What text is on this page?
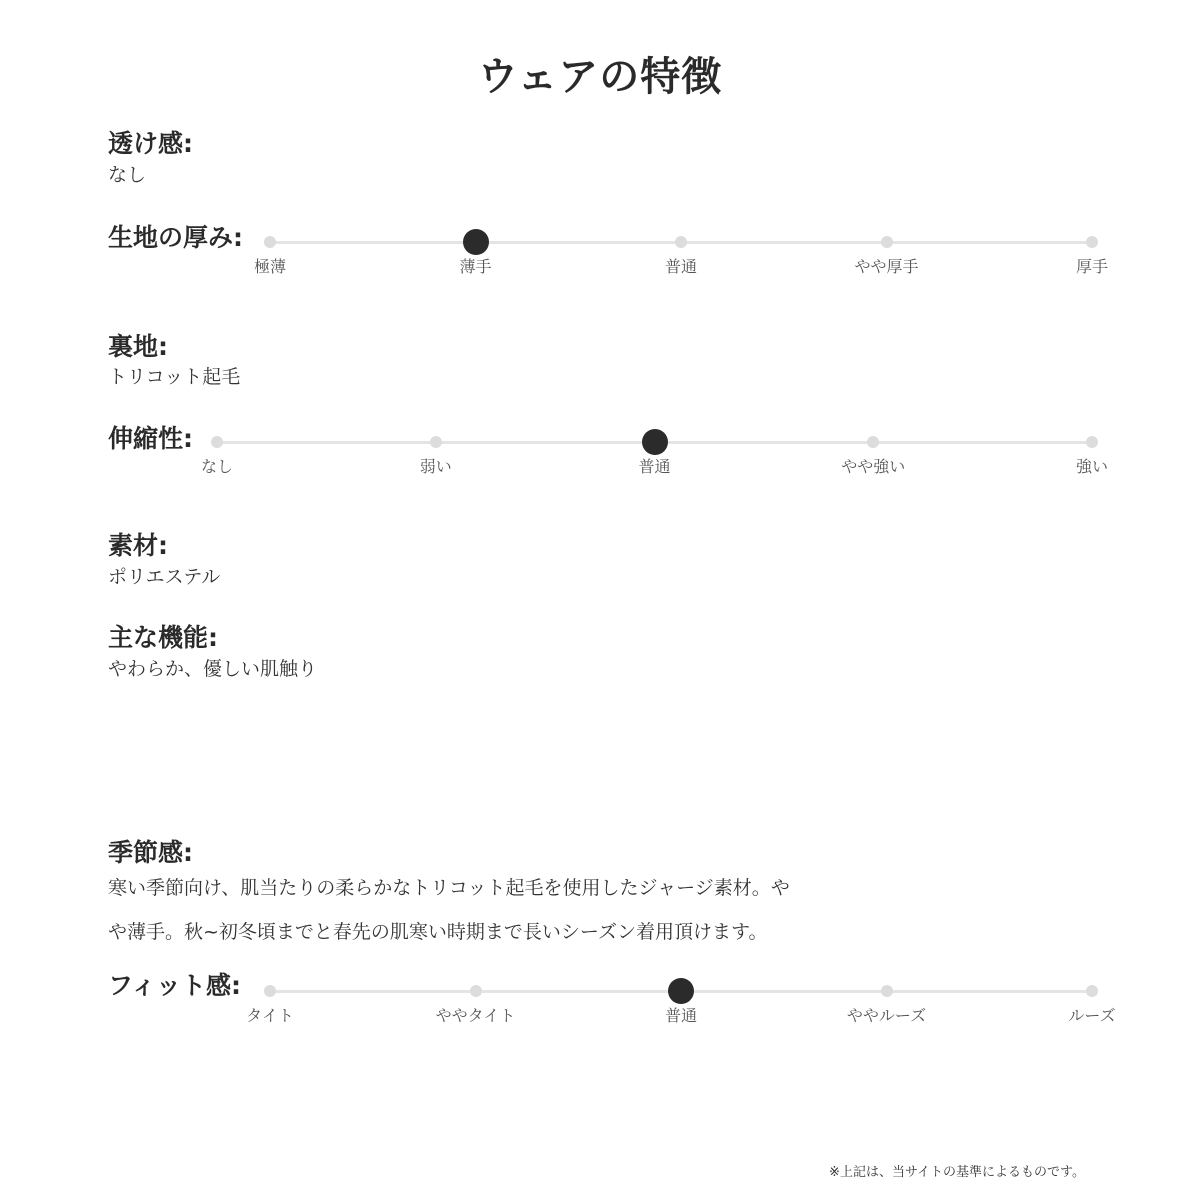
ウェアの特徴
透け感:
なし
生地の厚み:
極薄	薄手	普通	やや厚手	厚手
裏地:
トリコット起毛
伸縮性:
なし	弱い	普通	やや強い	強い
素材:
ポリエステル
主な機能:
やわらか、優しい肌触り
季節感:
寒い季節向け、肌当たりの柔らかなトリコット起毛を使用したジャージ素材。や
や薄手。秋~初冬頃までと春先の肌寒い時期まで長いシーズン着用頂けます。
フィット感:
タイト	ややタイト	普通	ややルーズ	ルーズ
※上記は、当サイトの基準によるものです。
